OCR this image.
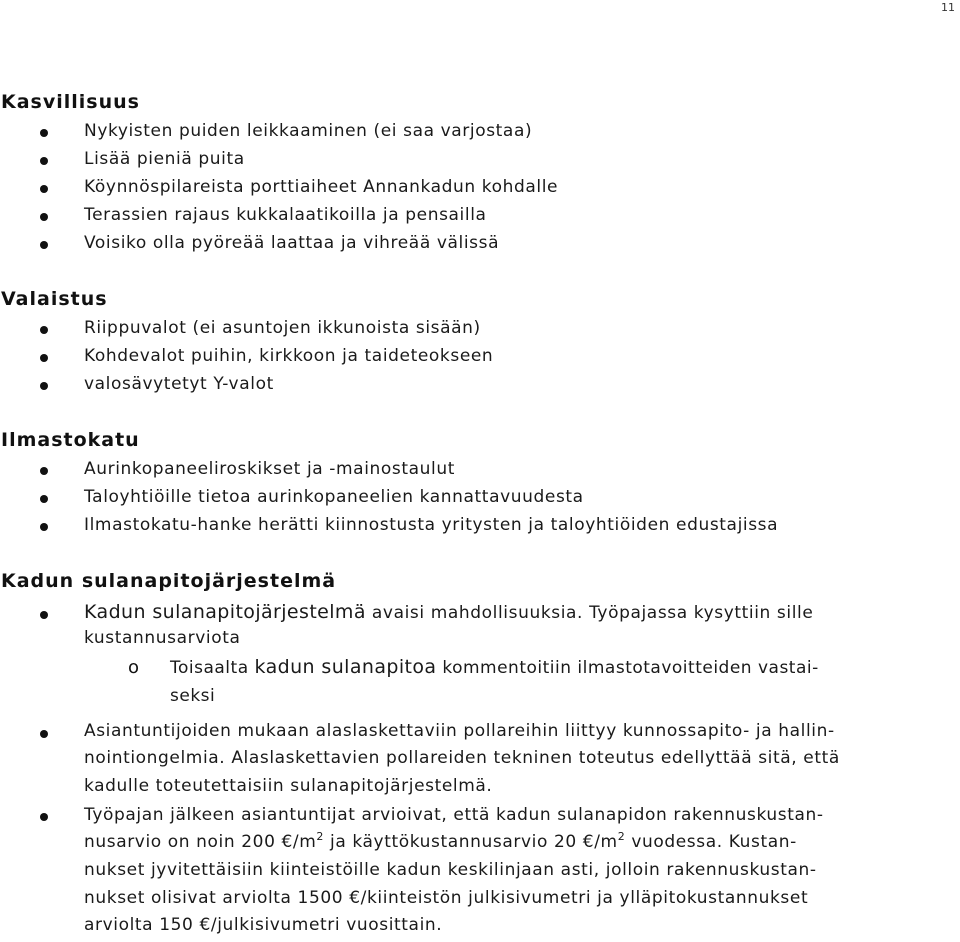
11
Kasvillisuus
Nykyisten puiden leikkaaminen (ei saa varjostaa)
Lisää pieniä puita
Köynnöspilareista porttiaiheet Annankadun kohdalle
Terassien rajaus kukkalaatikoilla ja pensailla
Voisiko olla pyöreää laattaa ja vihreää välissä
Valaistus
Riippuvalot (ei asuntojen ikkunoista sisään)
Kohdevalot puihin, kirkkoon ja taideteokseen
valosävytetyt Y-valot
Ilmastokatu
Aurinkopaneeliroskikset ja -mainostaulut
Taloyhtiöille tietoa aurinkopaneelien kannattavuudesta
Ilmastokatu-hanke herätti kiinnostusta yritysten ja taloyhtiöiden edustajissa
Kadun sulanapitojärjestelmä
Kadun sulanapitojärjestelmä avaisi mahdollisuuksia. Työpajassa kysyttiin sille
kustannusarviota
o Toisaalta kadun sulanapitoa kommentoitiin ilmastotavoitteiden vastai-
seksi
Asiantuntijoiden mukaan alaslaskettaviin pollareihin liittyy kunnossapito- ja hallin-
nointiongelmia. Alaslaskettavien pollareiden tekninen toteutus edellyttää sitä, että
kadulle toteutettaisiin sulanapitojärjestelmä.
Työpajan jälkeen asiantuntijat arvioivat, että kadun sulanapidon rakennuskustan-
nusarvio on noin 200 $€/m^2$ ja käyttökustannusarvio 20 $€/m^2$ vuodessa. Kustan-
nukset jyvitettäisiin kiinteistöille kadun keskilinjaan asti, jolloin rakennuskustan-
nukset olisivat arviolta 1500 €/kiinteistön julkisivumetri ja ylläpitokustannukset
arviolta 150 €/julkisivumetri vuosittain.
